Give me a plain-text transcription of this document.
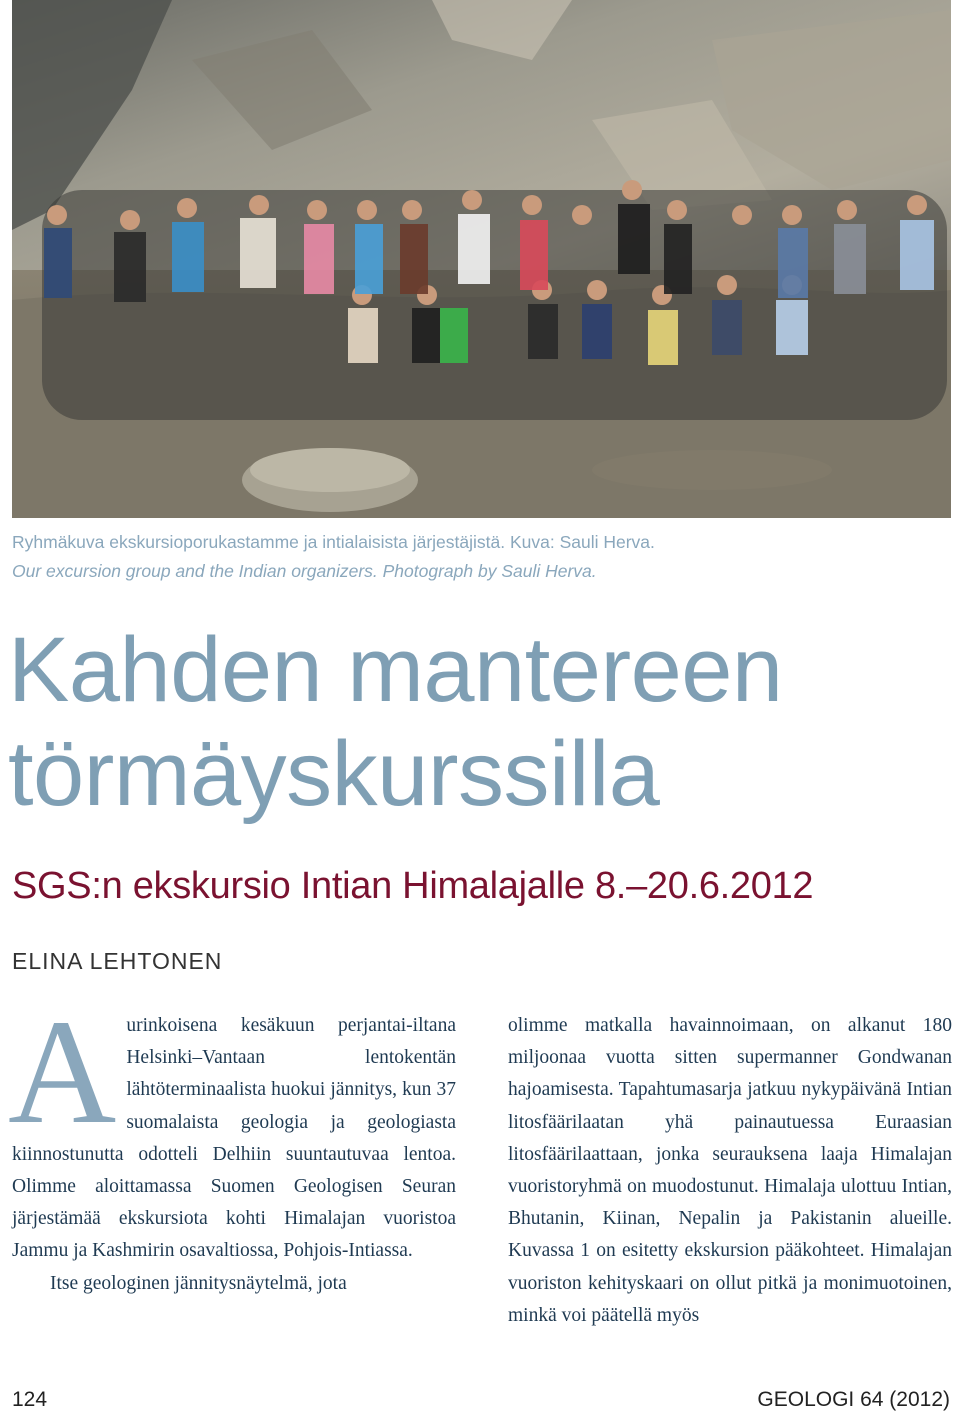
Ryhmäkuva ekskursioporukastamme ja intialaisista järjestäjistä. Kuva: Sauli Herva.
Our excursion group and the Indian organizers. Photograph by Sauli Herva.
Kahden mantereen
törmäyskurssilla
SGS:n ekskursio Intian Himalajalle 8.–20.6.2012
ELINA LEHTONEN

Aurinkoisena kesäkuun perjantai-iltana Helsinki–Vantaan lentokentän lähtöterminaalista huokui jännitys, kun 37 suomalaista geologia ja geologiasta kiinnostunutta odotteli Delhiin suuntautuvaa lentoa. Olimme aloittamassa Suomen Geologisen Seuran järjestämää ekskursiota kohti Himalajan vuoristoa Jammu ja Kashmirin osavaltiossa, Pohjois-Intiassa.

Itse geologinen jännitysnäytelmä, jota

olimme matkalla havainnoimaan, on alkanut 180 miljoonaa vuotta sitten supermanner Gondwanan hajoamisesta. Tapahtumasarja jatkuu nykypäivänä Intian litosfäärilaatan yhä painautuessa Euraasian litosfäärilaattaan, jonka seurauksena laaja Himalajan vuoristoryhmä on muodostunut. Himalaja ulottuu Intian, Bhutanin, Kiinan, Nepalin ja Pakistanin alueille. Kuvassa 1 on esitetty ekskursion pääkohteet. Himalajan vuoriston kehityskaari on ollut pitkä ja monimuotoinen, minkä voi päätellä myös

124	GEOLOGI 64 (2012)
